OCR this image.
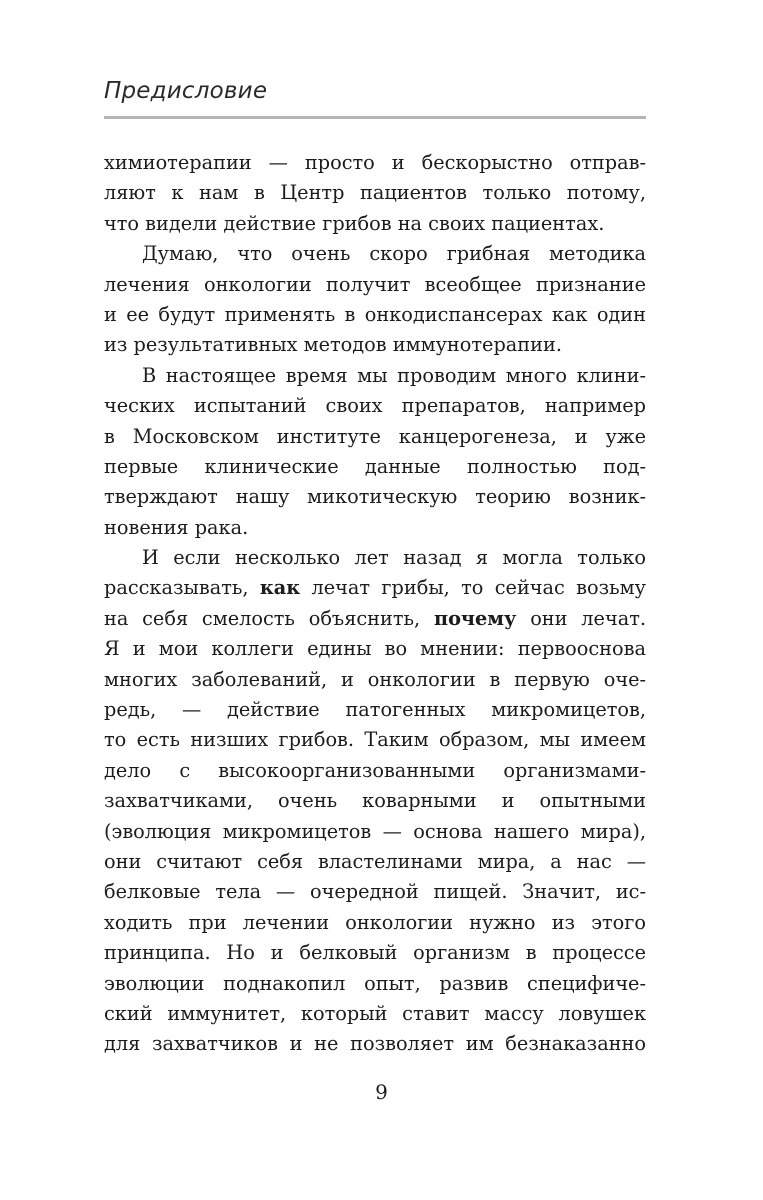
Предисловие
химиотерапии — просто и бескорыстно отправ-
ляют к нам в Центр пациентов только потому,
что видели действие грибов на своих пациентах.
Думаю, что очень скоро грибная методика
лечения онкологии получит всеобщее признание
и ее будут применять в онкодиспансерах как один
из результативных методов иммунотерапии.
В настоящее время мы проводим много клини-
ческих испытаний своих препаратов, например
в Московском институте канцерогенеза, и уже
первые клинические данные полностью под-
тверждают нашу микотическую теорию возник-
новения рака.
И если несколько лет назад я могла только
рассказывать, как лечат грибы, то сейчас возьму
на себя смелость объяснить, почему они лечат.
Я и мои коллеги едины во мнении: первооснова
многих заболеваний, и онкологии в первую оче-
редь, — действие патогенных микромицетов,
то есть низших грибов. Таким образом, мы имеем
дело с высокоорганизованными организмами-
захватчиками, очень коварными и опытными
(эволюция микромицетов — основа нашего мира),
они считают себя властелинами мира, а нас —
белковые тела — очередной пищей. Значит, ис-
ходить при лечении онкологии нужно из этого
принципа. Но и белковый организм в процессе
эволюции поднакопил опыт, развив специфиче-
ский иммунитет, который ставит массу ловушек
для захватчиков и не позволяет им безнаказанно
9
